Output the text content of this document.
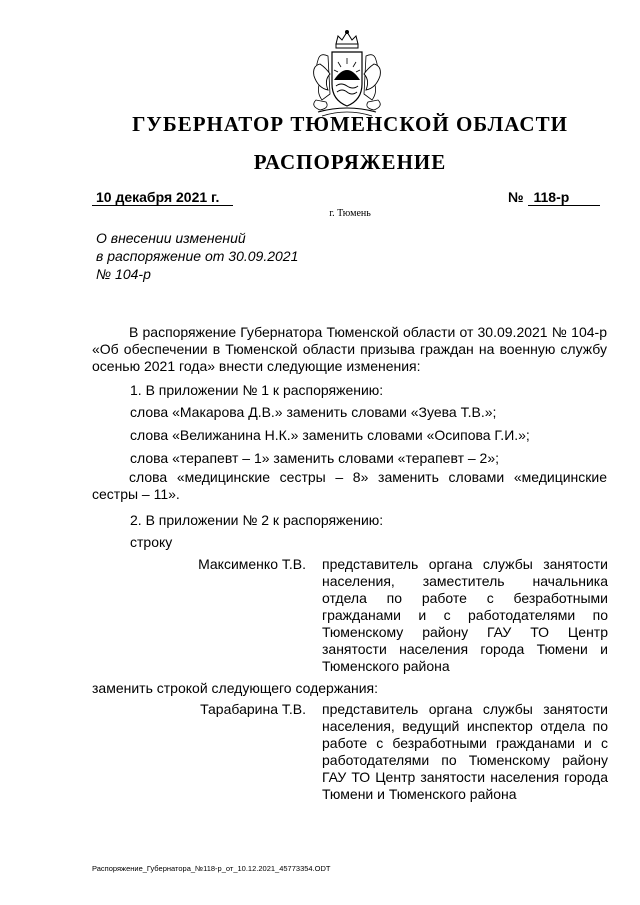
ГУБЕРНАТОР ТЮМЕНСКОЙ ОБЛАСТИ
РАСПОРЯЖЕНИЕ
10 декабря 2021 г.	№ 118-р
г. Тюмень
О внесении изменений
в распоряжение от 30.09.2021
№ 104-р
В распоряжение Губернатора Тюменской области от 30.09.2021 № 104-р «Об обеспечении в Тюменской области призыва граждан на военную службу осенью 2021 года» внести следующие изменения:
1. В приложении № 1 к распоряжению:
слова «Макарова Д.В.» заменить словами «Зуева Т.В.»;
слова «Велижанина Н.К.» заменить словами «Осипова Г.И.»;
слова «терапевт – 1» заменить словами «терапевт – 2»;
слова «медицинские сестры – 8» заменить словами «медицинские сестры – 11».
2. В приложении № 2 к распоряжению:
строку
Максименко Т.В. представитель органа службы занятости населения, заместитель начальника отдела по работе с безработными гражданами и с работодателями по Тюменскому району ГАУ ТО Центр занятости населения города Тюмени и Тюменского района
заменить строкой следующего содержания:
Тарабарина Т.В. представитель органа службы занятости населения, ведущий инспектор отдела по работе с безработными гражданами и с работодателями по Тюменскому району ГАУ ТО Центр занятости населения города Тюмени и Тюменского района
Распоряжение_Губернатора_№118-р_от_10.12.2021_45773354.ODT
